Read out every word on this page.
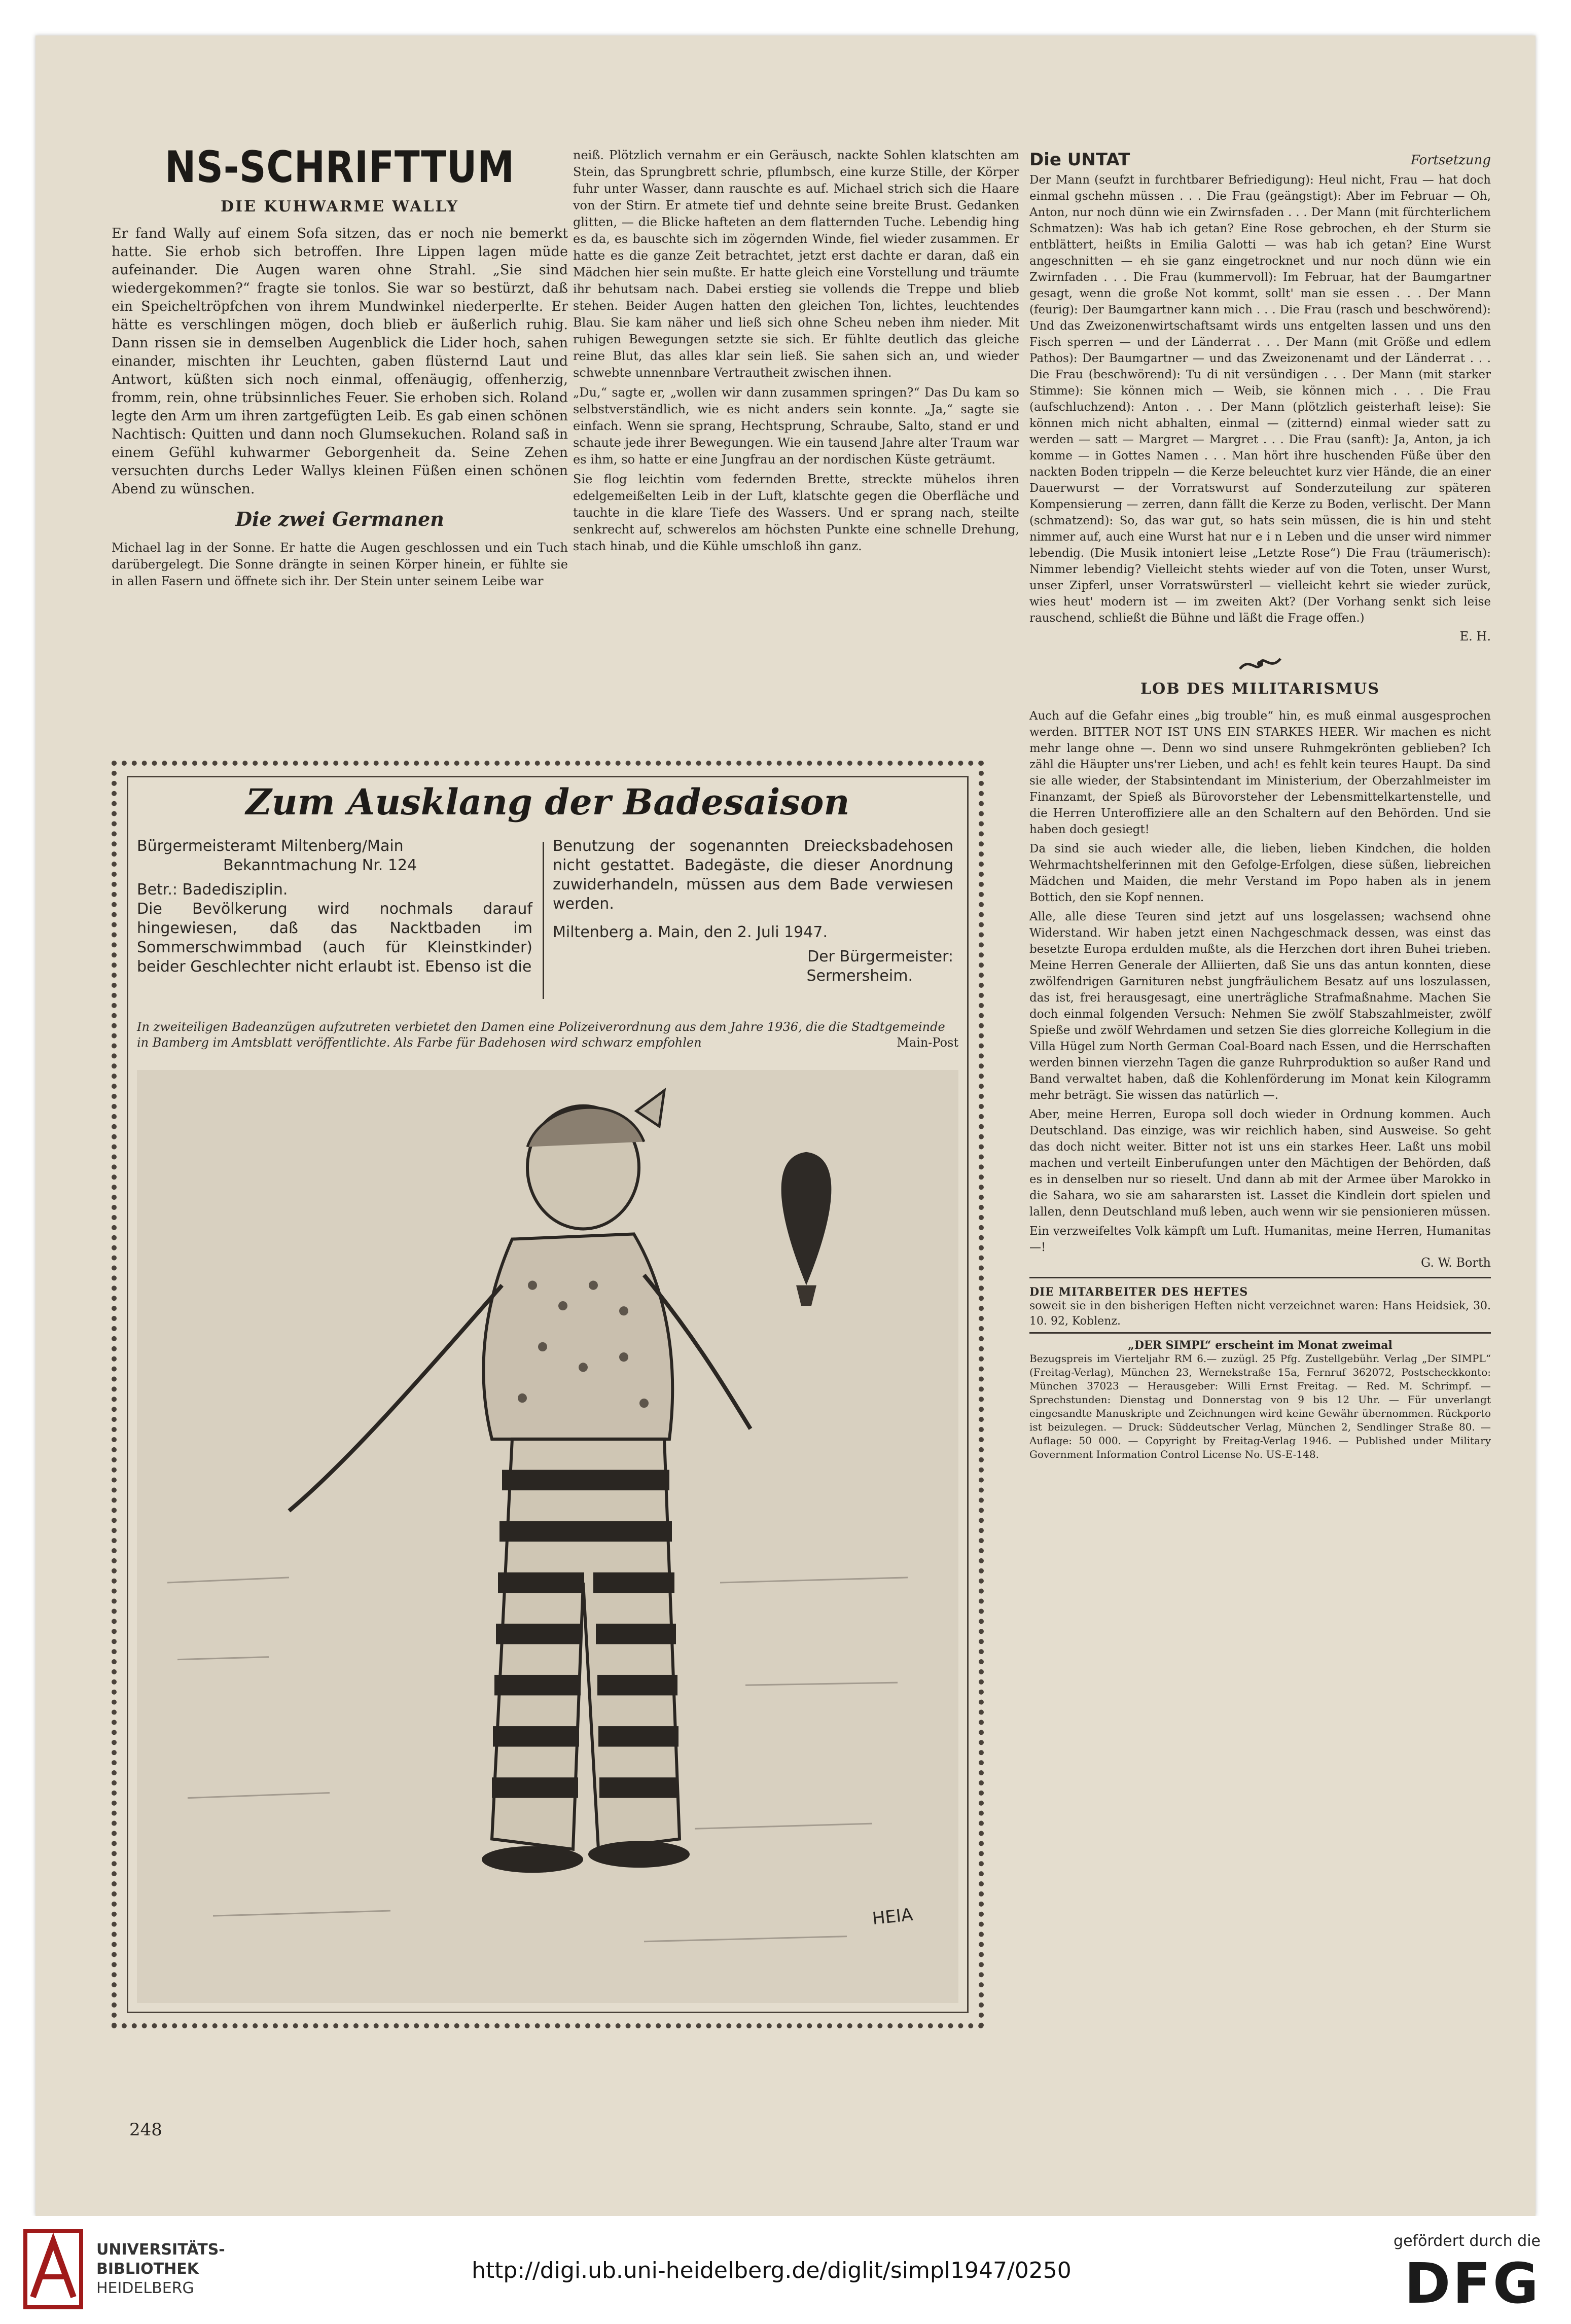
NS-SCHRIFTTUM
DIE KUHWARME WALLY

Er fand Wally auf einem Sofa sitzen, das er noch nie bemerkt hatte. Sie erhob sich betroffen. Ihre Lippen lagen müde aufeinander. Die Augen waren ohne Strahl. „Sie sind wiedergekommen?“ fragte sie tonlos. Sie war so bestürzt, daß ein Speicheltröpfchen von ihrem Mundwinkel niederperlte. Er hätte es verschlingen mögen, doch blieb er äußerlich ruhig. Dann rissen sie in demselben Augenblick die Lider hoch, sahen einander, mischten ihr Leuchten, gaben flüsternd Laut und Antwort, küßten sich noch einmal, offenäugig, offenherzig, fromm, rein, ohne trübsinnliches Feuer. Sie erhoben sich. Roland legte den Arm um ihren zartgefügten Leib. Es gab einen schönen Nachtisch: Quitten und dann noch Glumsekuchen. Roland saß in einem Gefühl kuhwarmer Geborgenheit da. Seine Zehen versuchten durchs Leder Wallys kleinen Füßen einen schönen Abend zu wünschen.

Die zwei Germanen

Michael lag in der Sonne. Er hatte die Augen geschlossen und ein Tuch darübergelegt. Die Sonne drängte in seinen Körper hinein, er fühlte sie in allen Fasern und öffnete sich ihr. Der Stein unter seinem Leibe war

neiß. Plötzlich vernahm er ein Geräusch, nackte Sohlen klatschten am Stein, das Sprungbrett schrie, pflumbsch, eine kurze Stille, der Körper fuhr unter Wasser, dann rauschte es auf. Michael strich sich die Haare von der Stirn. Er atmete tief und dehnte seine breite Brust. Gedanken glitten, — die Blicke hafteten an dem flatternden Tuche. Lebendig hing es da, es bauschte sich im zögernden Winde, fiel wieder zusammen. Er hatte es die ganze Zeit betrachtet, jetzt erst dachte er daran, daß ein Mädchen hier sein mußte. Er hatte gleich eine Vorstellung und träumte ihr behutsam nach. Dabei erstieg sie vollends die Treppe und blieb stehen. Beider Augen hatten den gleichen Ton, lichtes, leuchtendes Blau. Sie kam näher und ließ sich ohne Scheu neben ihm nieder. Mit ruhigen Bewegungen setzte sie sich. Er fühlte deutlich das gleiche reine Blut, das alles klar sein ließ. Sie sahen sich an, und wieder schwebte unnennbare Vertrautheit zwischen ihnen.

„Du,“ sagte er, „wollen wir dann zusammen springen?“ Das Du kam so selbstverständlich, wie es nicht anders sein konnte. „Ja,“ sagte sie einfach. Wenn sie sprang, Hechtsprung, Schraube, Salto, stand er und schaute jede ihrer Bewegungen. Wie ein tausend Jahre alter Traum war es ihm, so hatte er eine Jungfrau an der nordischen Küste geträumt.

Sie flog leichtin vom federnden Brette, streckte mühelos ihren edelgemeißelten Leib in der Luft, klatschte gegen die Oberfläche und tauchte in die klare Tiefe des Wassers. Und er sprang nach, steilte senkrecht auf, schwerelos am höchsten Punkte eine schnelle Drehung, stach hinab, und die Kühle umschloß ihn ganz.

Die UNTAT	Fortsetzung

Der Mann (seufzt in furchtbarer Befriedigung): Heul nicht, Frau — hat doch einmal gschehn müssen . . . Die Frau (geängstigt): Aber im Februar — Oh, Anton, nur noch dünn wie ein Zwirnsfaden . . . Der Mann (mit fürchterlichem Schmatzen): Was hab ich getan? Eine Rose gebrochen, eh der Sturm sie entblättert, heißts in Emilia Galotti — was hab ich getan? Eine Wurst angeschnitten — eh sie ganz eingetrocknet und nur noch dünn wie ein Zwirnfaden . . . Die Frau (kummervoll): Im Februar, hat der Baumgartner gesagt, wenn die große Not kommt, sollt' man sie essen . . . Der Mann (feurig): Der Baumgartner kann mich . . . Die Frau (rasch und beschwörend): Und das Zweizonenwirtschaftsamt wirds uns entgelten lassen und uns den Fisch sperren — und der Länderrat . . . Der Mann (mit Größe und edlem Pathos): Der Baumgartner — und das Zweizonenamt und der Länderrat . . . Die Frau (beschwörend): Tu di nit versündigen . . . Der Mann (mit starker Stimme): Sie können mich — Weib, sie können mich . . . Die Frau (aufschluchzend): Anton . . . Der Mann (plötzlich geisterhaft leise): Sie können mich nicht abhalten, einmal — (zitternd) einmal wieder satt zu werden — satt — Margret — Margret . . . Die Frau (sanft): Ja, Anton, ja ich komme — in Gottes Namen . . . Man hört ihre huschenden Füße über den nackten Boden trippeln — die Kerze beleuchtet kurz vier Hände, die an einer Dauerwurst — der Vorratswurst auf Sonderzuteilung zur späteren Kompensierung — zerren, dann fällt die Kerze zu Boden, verlischt. Der Mann (schmatzend): So, das war gut, so hats sein müssen, die is hin und steht nimmer auf, auch eine Wurst hat nur e i n Leben und die unser wird nimmer lebendig. (Die Musik intoniert leise „Letzte Rose“) Die Frau (träumerisch): Nimmer lebendig? Vielleicht stehts wieder auf von die Toten, unser Wurst, unser Zipferl, unser Vorratswürsterl — vielleicht kehrt sie wieder zurück, wies heut' modern ist — im zweiten Akt? (Der Vorhang senkt sich leise rauschend, schließt die Bühne und läßt die Frage offen.)

E. H.
LOB DES MILITARISMUS

Auch auf die Gefahr eines „big trouble“ hin, es muß einmal ausgesprochen werden. BITTER NOT IST UNS EIN STARKES HEER. Wir machen es nicht mehr lange ohne —. Denn wo sind unsere Ruhmgekrönten geblieben? Ich zähl die Häupter uns'rer Lieben, und ach! es fehlt kein teures Haupt. Da sind sie alle wieder, der Stabsintendant im Ministerium, der Oberzahlmeister im Finanzamt, der Spieß als Bürovorsteher der Lebensmittelkartenstelle, und die Herren Unteroffiziere alle an den Schaltern auf den Behörden. Und sie haben doch gesiegt!

Da sind sie auch wieder alle, die lieben, lieben Kindchen, die holden Wehrmachtshelferinnen mit den Gefolge-Erfolgen, diese süßen, liebreichen Mädchen und Maiden, die mehr Verstand im Popo haben als in jenem Bottich, den sie Kopf nennen.

Alle, alle diese Teuren sind jetzt auf uns losgelassen; wachsend ohne Widerstand. Wir haben jetzt einen Nachgeschmack dessen, was einst das besetzte Europa erdulden mußte, als die Herzchen dort ihren Buhei trieben. Meine Herren Generale der Alliierten, daß Sie uns das antun konnten, diese zwölfendrigen Garnituren nebst jungfräulichem Besatz auf uns loszulassen, das ist, frei herausgesagt, eine unerträgliche Strafmaßnahme. Machen Sie doch einmal folgenden Versuch: Nehmen Sie zwölf Stabszahlmeister, zwölf Spieße und zwölf Wehrdamen und setzen Sie dies glorreiche Kollegium in die Villa Hügel zum North German Coal-Board nach Essen, und die Herrschaften werden binnen vierzehn Tagen die ganze Ruhrproduktion so außer Rand und Band verwaltet haben, daß die Kohlenförderung im Monat kein Kilogramm mehr beträgt. Sie wissen das natürlich —.

Aber, meine Herren, Europa soll doch wieder in Ordnung kommen. Auch Deutschland. Das einzige, was wir reichlich haben, sind Ausweise. So geht das doch nicht weiter. Bitter not ist uns ein starkes Heer. Laßt uns mobil machen und verteilt Einberufungen unter den Mächtigen der Behörden, daß es in denselben nur so rieselt. Und dann ab mit der Armee über Marokko in die Sahara, wo sie am sahararsten ist. Lasset die Kindlein dort spielen und lallen, denn Deutschland muß leben, auch wenn wir sie pensionieren müssen.

Ein verzweifeltes Volk kämpft um Luft. Humanitas, meine Herren, Humanitas —!

G. W. Borth
DIE MITARBEITER DES HEFTES

soweit sie in den bisherigen Heften nicht verzeichnet waren: Hans Heidsiek, 30. 10. 92, Koblenz.

„DER SIMPL“ erscheint im Monat zweimal

Bezugspreis im Vierteljahr RM 6.— zuzügl. 25 Pfg. Zustellgebühr. Verlag „Der SIMPL“ (Freitag-Verlag), München 23, Wernekstraße 15a, Fernruf 362072, Postscheckkonto: München 37023 — Herausgeber: Willi Ernst Freitag. — Red. M. Schrimpf. — Sprechstunden: Dienstag und Donnerstag von 9 bis 12 Uhr. — Für unverlangt eingesandte Manuskripte und Zeichnungen wird keine Gewähr übernommen. Rückporto ist beizulegen. — Druck: Süddeutscher Verlag, München 2, Sendlinger Straße 80. — Auflage: 50 000. — Copyright by Freitag-Verlag 1946. — Published under Military Government Information Control License No. US-E-148.

Zum Ausklang der Badesaison
Bürgermeisteramt Miltenberg/Main
Bekanntmachung Nr. 124
Betr.: Badedisziplin.
Die Bevölkerung wird nochmals darauf hingewiesen, daß das Nacktbaden im Sommerschwimmbad (auch für Kleinstkinder) beider Geschlechter nicht erlaubt ist. Ebenso ist die
Benutzung der sogenannten Dreiecksbadehosen nicht gestattet. Badegäste, die dieser Anordnung zuwiderhandeln, müssen aus dem Bade verwiesen werden.
Miltenberg a. Main, den 2. Juli 1947.
Der Bürgermeister:
Sermersheim.
In zweiteiligen Badeanzügen aufzutreten verbietet den Damen eine Polizeiverordnung aus dem Jahre 1936, die die Stadtgemeinde in Bamberg im Amtsblatt veröffentlichte. Als Farbe für Badehosen wird schwarz empfohlen	Main-Post
HEIA
248
UNIVERSITÄTS-
BIBLIOTHEK
HEIDELBERG
http://digi.ub.uni-heidelberg.de/diglit/simpl1947/0250
gefördert durch die
DFG
